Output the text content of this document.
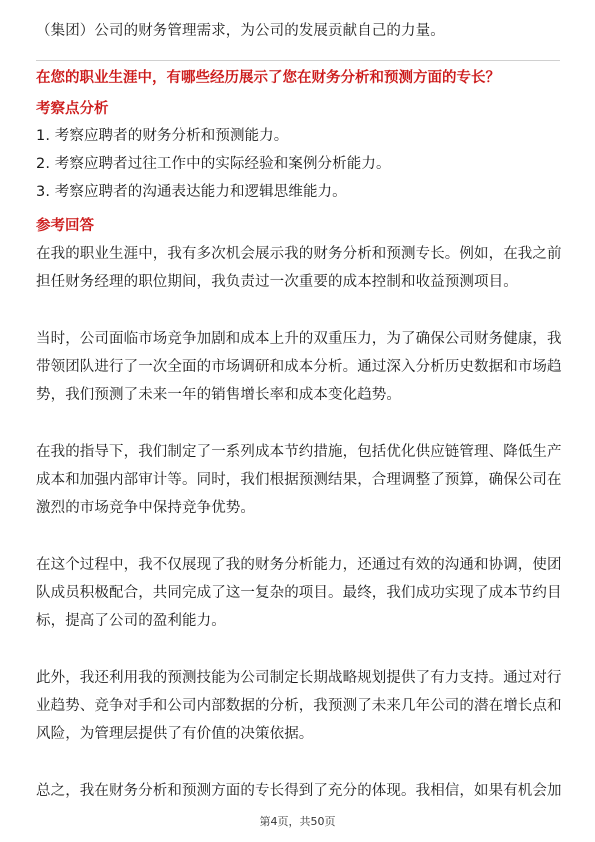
（集团）公司的财务管理需求，为公司的发展贡献自己的力量。
在您的职业生涯中，有哪些经历展示了您在财务分析和预测方面的专长？
考察点分析
1. 考察应聘者的财务分析和预测能力。
2. 考察应聘者过往工作中的实际经验和案例分析能力。
3. 考察应聘者的沟通表达能力和逻辑思维能力。
参考回答
在我的职业生涯中，我有多次机会展示我的财务分析和预测专长。例如，在我之前
担任财务经理的职位期间，我负责过一次重要的成本控制和收益预测项目。
当时，公司面临市场竞争加剧和成本上升的双重压力，为了确保公司财务健康，我
带领团队进行了一次全面的市场调研和成本分析。通过深入分析历史数据和市场趋
势，我们预测了未来一年的销售增长率和成本变化趋势。
在我的指导下，我们制定了一系列成本节约措施，包括优化供应链管理、降低生产
成本和加强内部审计等。同时，我们根据预测结果，合理调整了预算，确保公司在
激烈的市场竞争中保持竞争优势。
在这个过程中，我不仅展现了我的财务分析能力，还通过有效的沟通和协调，使团
队成员积极配合，共同完成了这一复杂的项目。最终，我们成功实现了成本节约目
标，提高了公司的盈利能力。
此外，我还利用我的预测技能为公司制定长期战略规划提供了有力支持。通过对行
业趋势、竞争对手和公司内部数据的分析，我预测了未来几年公司的潜在增长点和
风险，为管理层提供了有价值的决策依据。
总之，我在财务分析和预测方面的专长得到了充分的体现。我相信，如果有机会加
第4页，共50页
